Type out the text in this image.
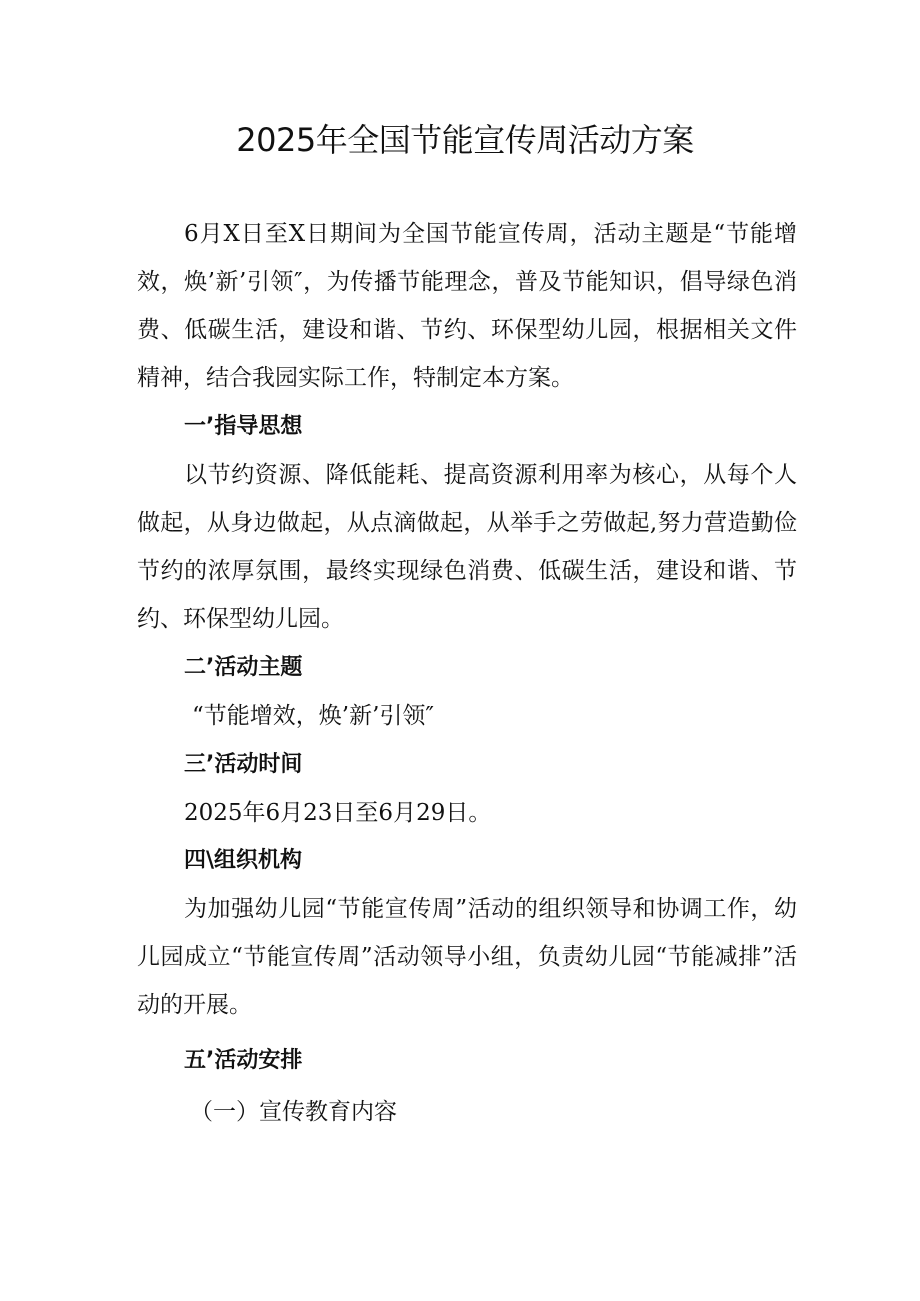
2025年全国节能宣传周活动方案

6月X日至X日期间为全国节能宣传周，活动主题是“节能增效，焕’新’引领″，为传播节能理念，普及节能知识，倡导绿色消费、低碳生活，建设和谐、节约、环保型幼儿园，根据相关文件精神，结合我园实际工作，特制定本方案。

一’指导思想

以节约资源、降低能耗、提高资源利用率为核心，从每个人做起，从身边做起，从点滴做起，从举手之劳做起,努力营造勤俭节约的浓厚氛围，最终实现绿色消费、低碳生活，建设和谐、节约、环保型幼儿园。

二’活动主题

“节能增效，焕’新’引领″

三’活动时间

2025年6月23日至6月29日。

四\组织机构

为加强幼儿园“节能宣传周”活动的组织领导和协调工作，幼儿园成立“节能宣传周”活动领导小组，负责幼儿园“节能减排”活动的开展。

五’活动安排

（一）宣传教育内容
